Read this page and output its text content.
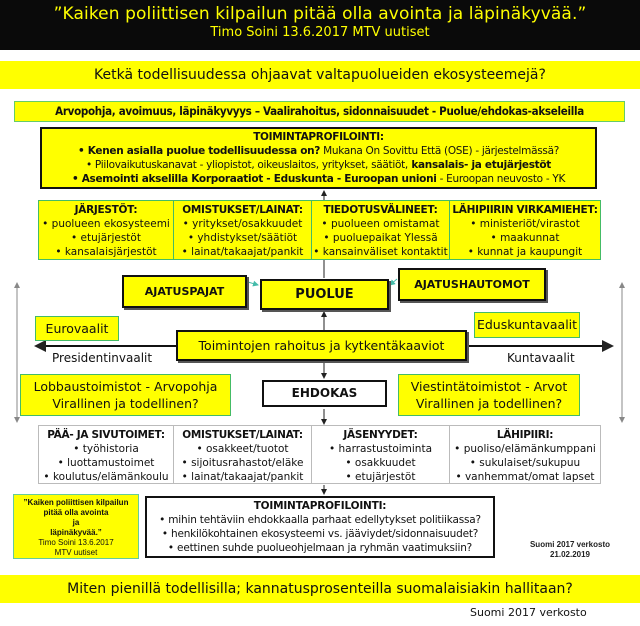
”Kaiken poliittisen kilpailun pitää olla avointa ja läpinäkyvää.”
Timo Soini 13.6.2017 MTV uutiset
Ketkä todellisuudessa ohjaavat valtapuolueiden ekosysteemejä?
Arvopohja, avoimuus, läpinäkyvyys – Vaalirahoitus, sidonnaisuudet - Puolue/ehdokas-akseleilla
TOIMINTAPROFILOINTI:
• Kenen asialla puolue todellisuudessa on? Mukana On Sovittu Että (OSE) - järjestelmässä?
• Piilovaikutuskanavat - yliopistot, oikeuslaitos, yritykset, säätiöt, kansalais- ja etujärjestöt
• Asemointi akselilla Korporaatiot - Eduskunta - Euroopan unioni - Euroopan neuvosto - YK
JÄRJESTÖT:
• puolueen ekosysteemi
• etujärjestöt
• kansalaisjärjestöt
OMISTUKSET/LAINAT:
• yritykset/osakkuudet
• yhdistykset/säätiöt
• lainat/takaajat/pankit
TIEDOTUSVÄLINEET:
• puolueen omistamat
• puoluepaikat Ylessä
• kansainväliset kontaktit
LÄHIPIIRIN VIRKAMIEHET:
• ministeriöt/virastot
• maakunnat
• kunnat ja kaupungit
AJATUSPAJAT	PUOLUE
AJATUSHAUTOMOT
Eurovaalit	Eduskuntavaalit
Toimintojen rahoitus ja kytkentäkaaviot
Presidentinvaalit	Kuntavaalit
Lobbaustoimistot - Arvopohja
Virallinen ja todellinen?
Viestintätoimistot - Arvot
Virallinen ja todellinen?
EHDOKAS
PÄÄ- JA SIVUTOIMET:
• työhistoria
• luottamustoimet
• koulutus/elämänkoulu
OMISTUKSET/LAINAT:
• osakkeet/tuotot
• sijoitusrahastot/eläke
• lainat/takaajat/pankit
JÄSENYYDET:
• harrastustoiminta
• osakkuudet
• etujärjestöt
LÄHIPIIRI:
• puoliso/elämänkumppani
• sukulaiset/sukupuu
• vanhemmat/omat lapset
”Kaiken poliittisen kilpailun
pitää olla avointa
ja
läpinäkyvää.”
Timo Soini 13.6.2017
MTV uutiset
TOIMINTAPROFILOINTI:
• mihin tehtäviin ehdokkaalla parhaat edellytykset politiikassa?
• henkilökohtainen ekosysteemi vs. jääviydet/sidonnaisuudet?
• eettinen suhde puolueohjelmaan ja ryhmän vaatimuksiin?	Suomi 2017 verkosto
21.02.2019
Miten pienillä todellisilla; kannatusprosenteilla suomalaisiakin hallitaan?
Suomi 2017 verkosto
